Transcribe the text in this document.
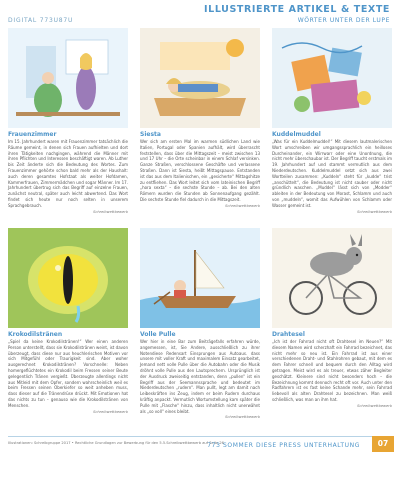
DIGITAL 773U87U
ILLUSTRIERTE ARTIKEL & TEXTE
WÖRTER UNTER DER LUPE
Frauenzimmer
Im 15. Jahrhundert waren mit Frauenzimmer tatsächlich die Räume gemeint, in denen sich Frauen aufhielten und dort ihren Tätigkeiten nachgingen, während die Männer mit ihren Pflichten und Interessen beschäftigt waren. Ab Luther bis Zeit änderte sich die Bedeutung des Wortes. Zum Frauenzimmer gehörte schon bald mehr als der Haushalt: auch deren gesamtes Hofstaat als weiter Hofdamen, Kammerfrauen, Zimmermädchen und sogar Männer. Im 17. Jahrhundert übertrug sich das Begriff auf einzelne Frauen, zunächst neutral, später auch leicht abwertend. Das Wort findet sich heute nur noch selten in unserem Sprachgebrauch.
Schreibwettbewerb
Siesta
Wer sich am ersten Mal im warmen südlichen Land wie Italien, Portugal oder Spanien aufhält, wird überrascht feststellen, dass über die Mittagszeit – meist zwischen 13 und 17 Uhr – die Orte scheinbar in einem Schlaf versinken. Ganze Straßen, verschlossene Geschäfte und verlassene Straßen. Dann ist Siesta, heißt Mittagspause. Entstanden ist das aus dem Italienischen, ein „gesicherte“ Mittagshitze zu entfliehen. Das Wort leitet sich vom lateinischen Begriff „hora sexta“ – die sechste Stunde – ab. Bei den alten Römern wurden die Stunden ab Sonnenaufgang gezählt. Die sechste Stunde fiel dadurch in die Mittagszeit.
Schreibwettbewerb
Kuddelmuddel
„Was für ein Kuddelmuddel!“ Mit diesem lautmalerischen Wort umschreiben wir umgangssprachlich ein heilloses Durcheinander, ein Wirrwarr oder eine Unordnung, die nicht mehr überschaubar ist. Der Begriff taucht erstmals im 19. Jahrhundert auf und stammt vermutlich aus dem Niederdeutschen. Kuddelmuddel setzt sich aus zwei Wortteilen zusammen: „Kuddeln“ steht für „kudde“ trist „anschüttelt“, die Bedeutung ist nicht sauber oder nicht gründlich waschen. „Muddel“ lässt sich von „Modder“ ableiten in der Bedeutung von Morast, Schlamm und auch von „muddeln“, womit das Aufwühlen von Schlamm oder Wasser gemeint ist.
Schreibwettbewerb
Krokodilstränen
„Spiel da keine Krokodilstränen!“ Wer einen anderen Person unterstellt, dass sie Krokodilstränen weint, ist davon überzeugt, dass diese nur aus heuchlerischen Motiven vor sich Mitgefühl oder Traurigkeit sind. Aber woher ausgerechnet Krokodilstränen? Vorschnelle: Neben homergeflüchtetes ein Krokodil beim Fressen seiner Beute gelegentlich Tränen vergießt. Überzeugte allerdings nicht aus Mitleid mit dem Opfer, sondern wahrscheinlich weil es beim Fressen seinen Oberkiefer so weit anheben muss, dass dieser auf die Tränendrüse drückt. Mit Emotionen hat das nichts zu tun – genauso wie die Krokodilstränen von Menschen.
Schreibwettbewerb
Volle Pulle
Wer hier in eine Bar zum Beiträgefalls erfahren würde, angemessen, ist, Sie Andere, ausschließlich zu ihrer Notendiese Redensart Einsprungen aus Autoaus. dass unsere mit voller Kraft und maximalem Einsatz gearbeitet, Jemand nett volle Pulle über die Autobahn oder die Musik dröhnt volle Pulle aus den Lautsprechern. Ursprünglich ist der Ausdruck zweiseitig entstanden, denn „pullen“ ist ein Begriff aus der Seemannssprache und bedeutet im Niederdeutschen „rudern“. Man pullt, legt am damit nach Leibeskräften ins Zeug, indem er beim Rudern durchaus kräftig anpackt. Vermutlich Wortumstellung kam später die Pulle mit „Flasche“ hinzu, dass inhaltlich nicht unerwähnt als „so voll“ eines bleibt.
Schreibwettbewerb
Drahtesel
„Ich ist der Fahrrad nicht oft Drahtesel im Neuen?“ Mit diesem Namen wird scherzhaft ein Fahrrad bezeichnet, das nicht mehr so neu ist. Ein Fahrrad ist aus einer verschiedenen Draht- und Stahlrohren gebaut, mit dem es dem Fahrer schnell und bequem durch den Alltag wird getragen. Meist wird es als treuer, etwas zäher Begleiter geschätzt. Kleinere sind nicht besonders hoch – die Bezeichnung kommt dennoch recht oft vor. Auch unter den Radfahrern ist es fast keine Schande mehr, sein Fahrrad liebevoll als alten Drahtesel zu bezeichnen. Man weiß schließlich, was man an ihm hat.
Schreibwettbewerb
Illustrationen: Schreibgruppe 2017 • Rechtliche Grundlagen zur Bewerbung für den 5.5.Schreibwettbewerb auf Seite 26
773 SOMMER DIESE PRESS UNTERHALTUNG	07
